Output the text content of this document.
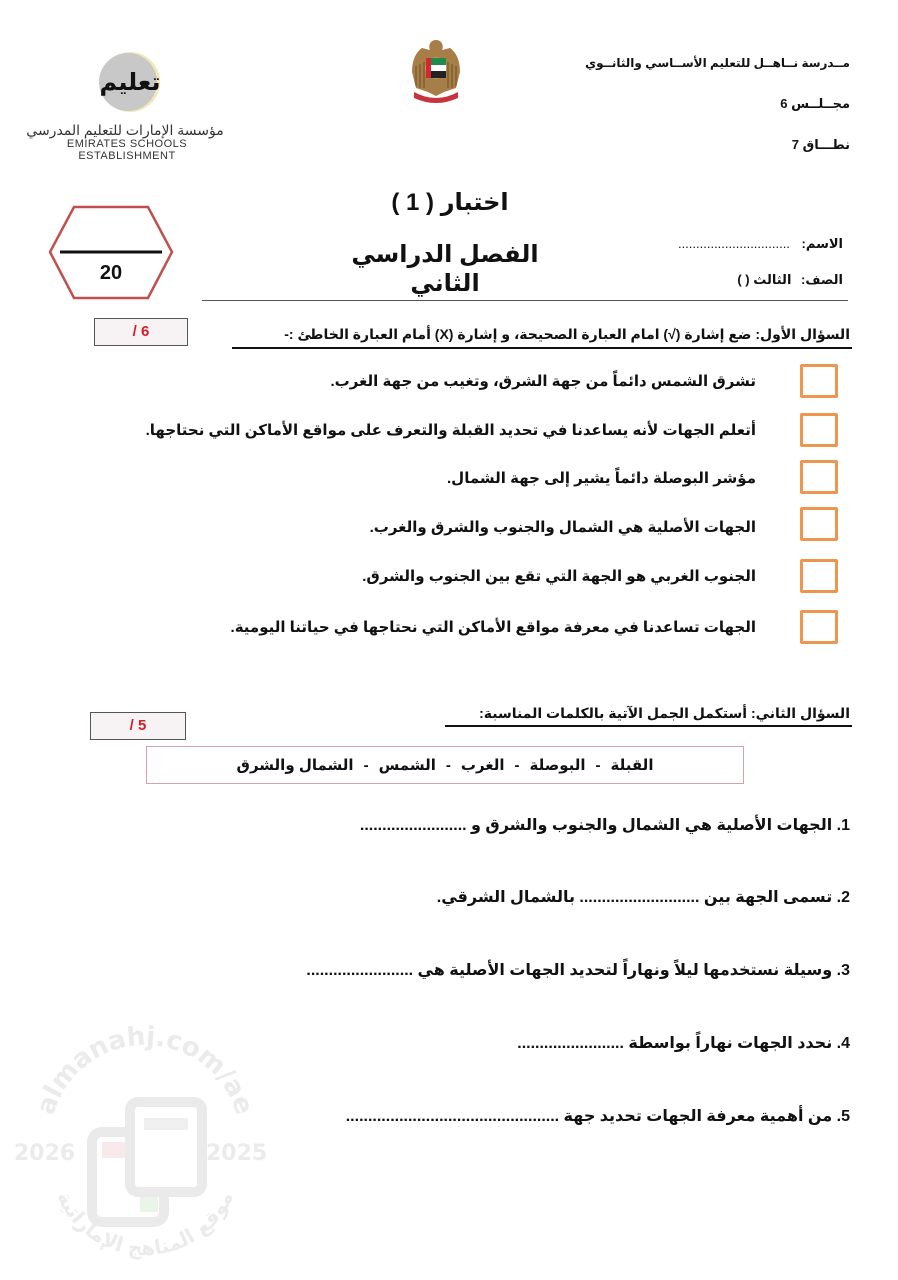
مــدرسة نــاهــل للتعليم الأســاسي والثانــوي
مجــلــس 6
نطـــاق 7
تعليم
مؤسسة الإمارات للتعليم المدرسي
EMIRATES SCHOOLS ESTABLISHMENT
اختبار ( 1 )
الفصل الدراسي الثاني
الاسم: ...............................
الصف: الثالث ( )
20
/ 6	السؤال الأول: ضع إشارة (√) امام العبارة الصحيحة، و إشارة (X) أمام العبارة الخاطئ :-
تشرق الشمس دائماً من جهة الشرق، وتغيب من جهة الغرب.
أتعلم الجهات لأنه يساعدنا في تحديد القبلة والتعرف على مواقع الأماكن التي نحتاجها.
مؤشر البوصلة دائماً يشير إلى جهة الشمال.
الجهات الأصلية هي الشمال والجنوب والشرق والغرب.
الجنوب الغربي هو الجهة التي تقع بين الجنوب والشرق.
الجهات تساعدنا في معرفة مواقع الأماكن التي نحتاجها في حياتنا اليومية.
/ 5
السؤال الثاني: أستكمل الجمل الآتية بالكلمات المناسبة:
القبلة
-
البوصلة
-
الغرب
-
الشمس
-
الشمال والشرق
1. الجهات الأصلية هي الشمال والجنوب والشرق و ........................
2. تسمى الجهة بين ........................... بالشمال الشرقي.
3. وسيلة نستخدمها ليلاً ونهاراً لتحديد الجهات الأصلية هي ........................
4. نحدد الجهات نهاراً بواسطة ........................
5. من أهمية معرفة الجهات تحديد جهة ................................................
almanahj.com/ae
موقع المناهج الإماراتية
2026	2025
